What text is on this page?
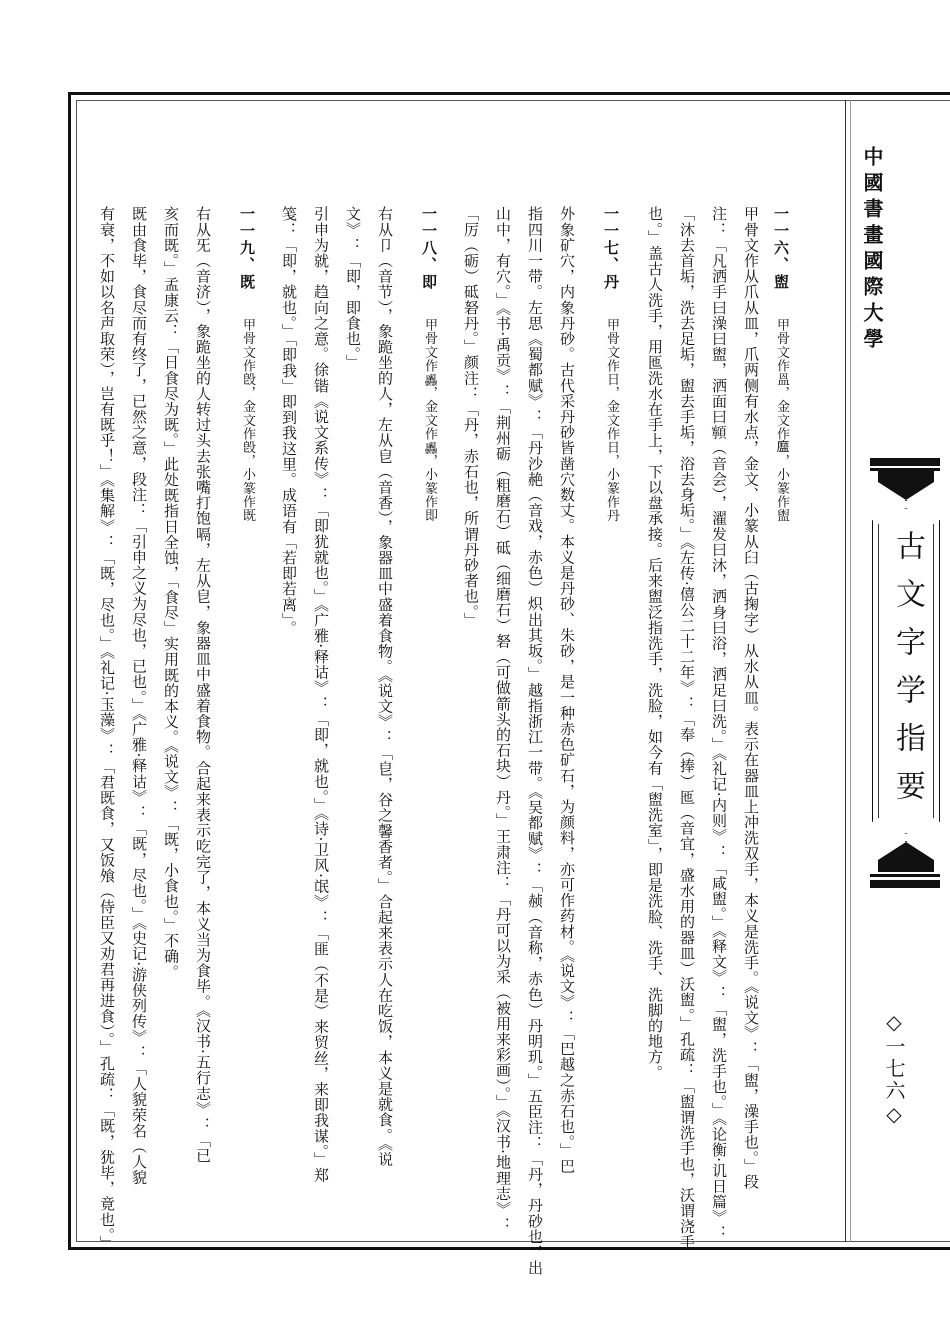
中國書畫國際大學
古文字学指要
◇一七六◇
一一六、盥　　甲骨文作𥁕，金文作𥂓，小篆作盥
甲骨文作从爪从皿，爪两侧有水点，金文、小篆从𦥑（古掬字）从水从皿。表示在器皿上冲洗双手，本义是洗手。《说文》：「盥，澡手也。」段
注：「凡洒手曰澡曰盥，洒面曰𩕳（音会），濯发曰沐，洒身曰浴，洒足曰洗。」《礼记·内则》：「咸盥。」《释文》：「盥，洗手也。」《论衡·讥日篇》：
「沐去首垢，洗去足垢，盥去手垢，浴去身垢。」《左传·僖公二十二年》：「奉（捧）匜（音宜，盛水用的器皿）沃盥。」孔疏：「盥谓洗手也，沃谓浇手
也。」盖古人洗手，用匜洗水在手上，下以盘承接。后来盥泛指洗手，洗脸，如今有「盥洗室」，即是洗脸、洗手、洗脚的地方。
一一七、丹　　甲骨文作日，金文作日，小篆作丹
外象矿穴，内象丹砂。古代采丹砂皆凿穴数丈。本义是丹砂、朱砂，是一种赤色矿石，为颜料，亦可作药材。《说文》：「巴越之赤石也。」巴
指四川一带。左思《蜀都赋》：「丹沙赩（音戏，赤色）炽出其坂。」越指浙江一带。《吴都赋》：「赪（音称，赤色）丹明玑。」五臣注：「丹，丹砂也，出
山中，有穴。」《书·禹贡》：「荆州砺（粗磨石）砥（细磨石）砮（可做箭头的石块）丹。」王肃注：「丹可以为采（被用来彩画）。」《汉书·地理志》：
「厉（砺）砥砮丹。」颜注：「丹，赤石也，所谓丹砂者也。」
一一八、即　　甲骨文作𠨌，金文作𠨌，小篆作即
右从卩（音节），象跪坐的人，左从皀（音香），象器皿中盛着食物。《说文》：「皀，谷之馨香者。」合起来表示人在吃饭，本义是就食。《说
文》：「即，即食也。」
引申为就，趋向之意。徐锴《说文系传》：「即犹就也。」《广雅·释诂》：「即，就也。」《诗·卫风·氓》：「匪（不是）来贸丝，来即我谋。」郑
笺：「即，就也。」「即我」即到我这里。成语有「若即若离」。
一一九、既　　甲骨文作𣪘，金文作𣪘，小篆作既
右从旡（音济），象跪坐的人转过头去张嘴打饱嗝，左从皀，象器皿中盛着食物。合起来表示吃完了，本义当为食毕。《汉书·五行志》：「已
亥而既。」孟康云：「日食尽为既。」此处既指日全蚀，「食尽」实用既的本义。《说文》：「既，小食也。」不确。
既由食毕，食尽而有终了，已然之意，段注：「引申之义为尽也，已也。」《广雅·释诂》：「既，尽也。」《史记·游侠列传》：「人貌荣名（人貌
有衰，不如以名声取荣），岂有既乎！」《集解》：「既，尽也。」《礼记·玉藻》：「君既食，又饭飧（侍臣又劝君再进食）。」孔疏：「既，犹毕，竟也。」
